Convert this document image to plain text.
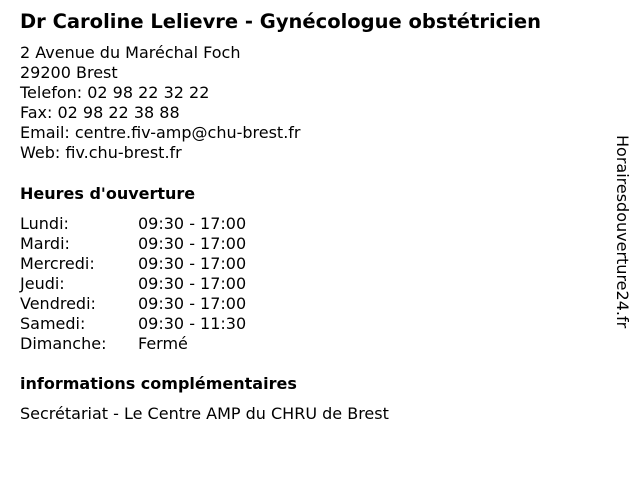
Dr Caroline Lelievre - Gynécologue obstétricien
2 Avenue du Maréchal Foch
29200 Brest
Telefon: 02 98 22 32 22
Fax: 02 98 22 38 88
Email: centre.fiv-amp@chu-brest.fr
Web: fiv.chu-brest.fr
Heures d'ouverture
Lundi:	09:30 - 17:00
Mardi:	09:30 - 17:00
Mercredi:	09:30 - 17:00
Jeudi:	09:30 - 17:00
Vendredi:	09:30 - 17:00
Samedi:	09:30 - 11:30
Dimanche: Fermé
informations complémentaires
Secrétariat - Le Centre AMP du CHRU de Brest
Horairesdouverture24.fr
